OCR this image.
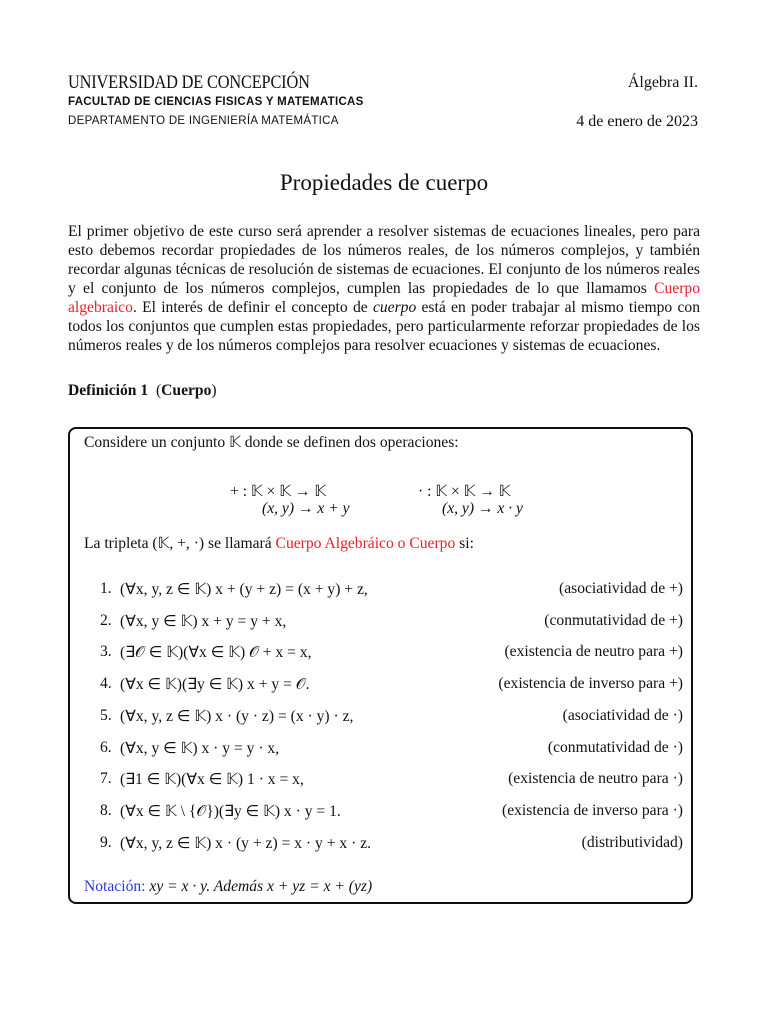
UNIVERSIDAD DE CONCEPCIÓN	Álgebra II.
FACULTAD DE CIENCIAS FISICAS Y MATEMATICAS
DEPARTAMENTO DE INGENIERÍA MATEMÁTICA	4 de enero de 2023
Propiedades de cuerpo
El primer objetivo de este curso será aprender a resolver sistemas de ecuaciones lineales, pero para esto debemos recordar propiedades de los números reales, de los números complejos, y también recordar algunas técnicas de resolución de sistemas de ecuaciones. El conjunto de los números reales y el conjunto de los números complejos, cumplen las propiedades de lo que llamamos Cuerpo algebraico. El interés de definir el concepto de cuerpo está en poder trabajar al mismo tiempo con todos los conjuntos que cumplen estas propiedades, pero particularmente reforzar propiedades de los números reales y de los números complejos para resolver ecuaciones y sistemas de ecuaciones.
Definición 1  (Cuerpo)
Considere un conjunto 𝕂 donde se definen dos operaciones:
+ : 𝕂 × 𝕂 → 𝕂
(x, y) → x + y
· : 𝕂 × 𝕂 → 𝕂
(x, y) → x · y
La tripleta (𝕂, +, ·) se llamará Cuerpo Algebráico o Cuerpo si:
1. (∀x, y, z ∈ 𝕂) x + (y + z) = (x + y) + z,	(asociatividad de +)
2. (∀x, y ∈ 𝕂) x + y = y + x,	(conmutatividad de +)
3. (∃𝒪 ∈ 𝕂)(∀x ∈ 𝕂) 𝒪 + x = x,	(existencia de neutro para +)
4. (∀x ∈ 𝕂)(∃y ∈ 𝕂) x + y = 𝒪.	(existencia de inverso para +)
5. (∀x, y, z ∈ 𝕂) x · (y · z) = (x · y) · z,	(asociatividad de ·)
6. (∀x, y ∈ 𝕂) x · y = y · x,	(conmutatividad de ·)
7. (∃1 ∈ 𝕂)(∀x ∈ 𝕂) 1 · x = x,	(existencia de neutro para ·)
8. (∀x ∈ 𝕂 \ {𝒪})(∃y ∈ 𝕂) x · y = 1.	(existencia de inverso para ·)
9. (∀x, y, z ∈ 𝕂) x · (y + z) = x · y + x · z.	(distributividad)
Notación: xy = x · y. Además x + yz = x + (yz)
